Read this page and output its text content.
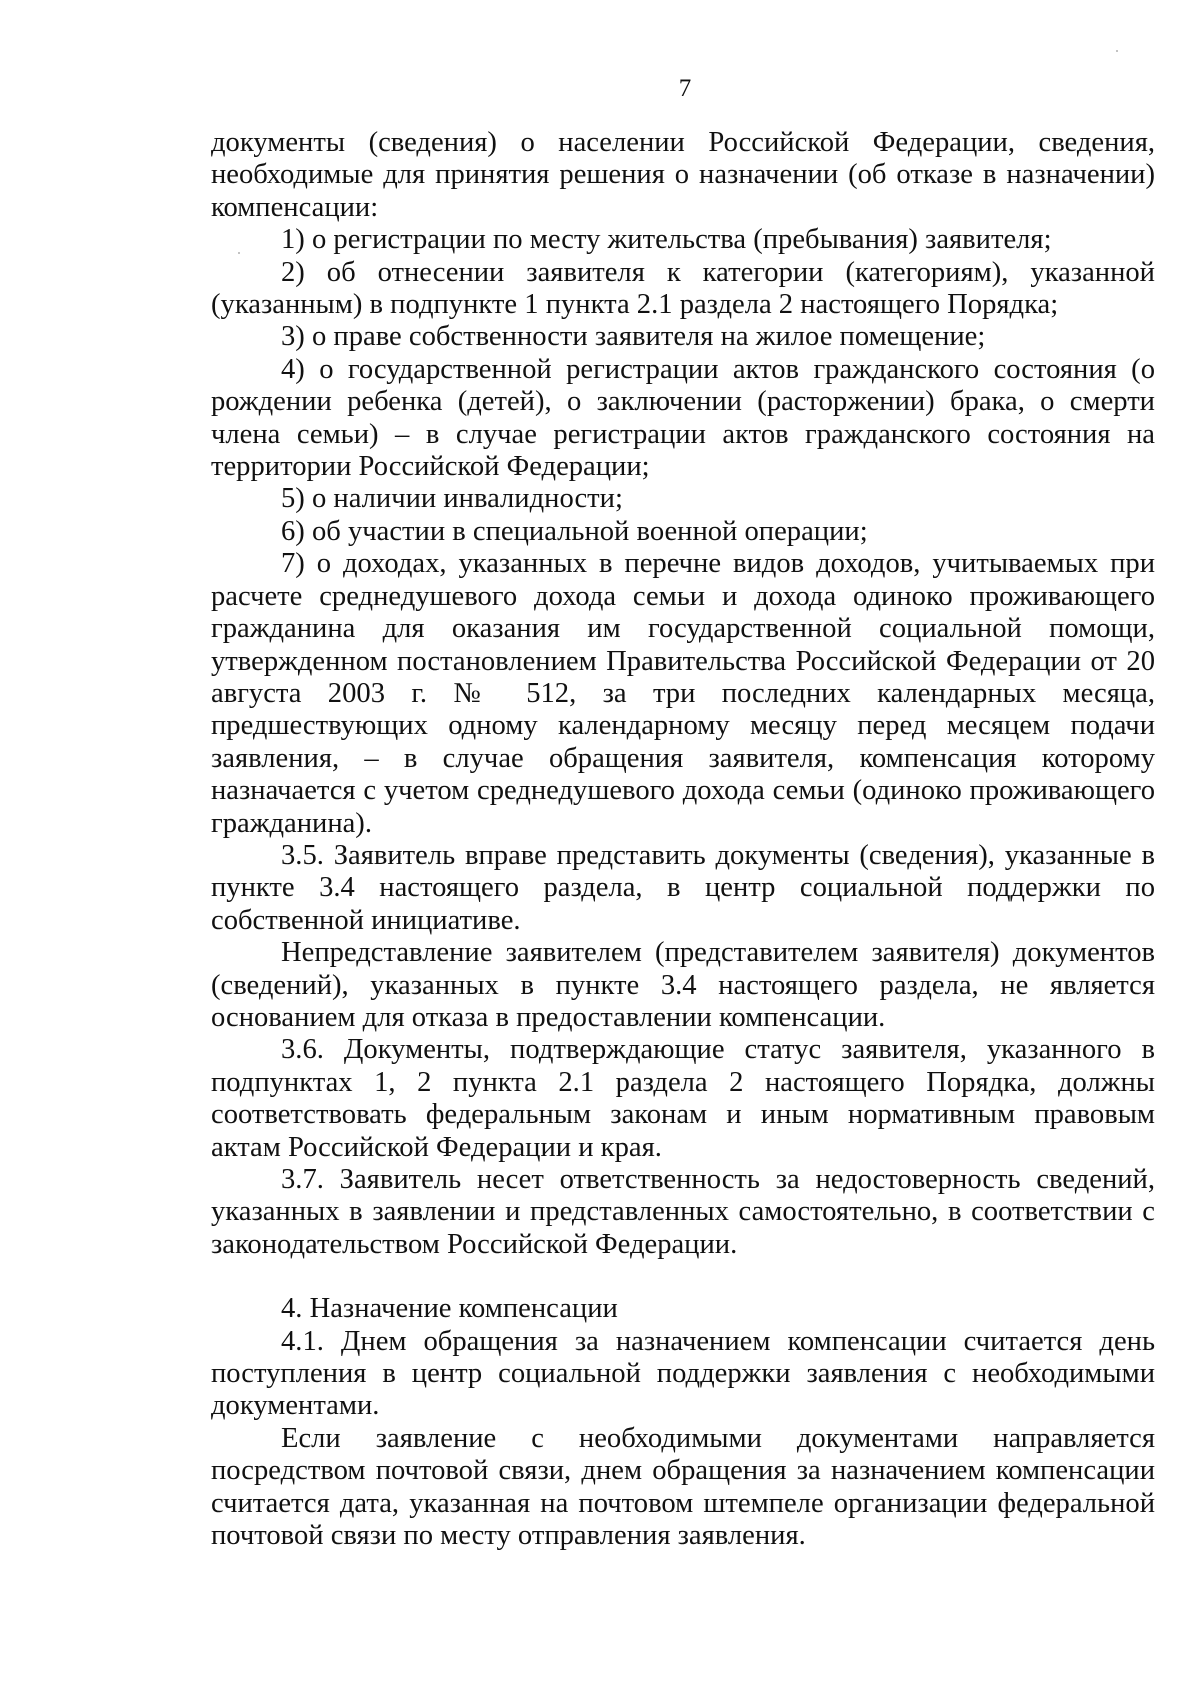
7

документы (сведения) о населении Российской Федерации, сведения, необходимые для принятия решения о назначении (об отказе в назначении) компенсации:

1) о регистрации по месту жительства (пребывания) заявителя;

2) об отнесении заявителя к категории (категориям), указанной (указанным) в подпункте 1 пункта 2.1 раздела 2 настоящего Порядка;

3) о праве собственности заявителя на жилое помещение;

4) о государственной регистрации актов гражданского состояния (о рождении ребенка (детей), о заключении (расторжении) брака, о смерти члена семьи) – в случае регистрации актов гражданского состояния на территории Российской Федерации;

5) о наличии инвалидности;

6) об участии в специальной военной операции;

7) о доходах, указанных в перечне видов доходов, учитываемых при расчете среднедушевого дохода семьи и дохода одиноко проживающего гражданина для оказания им государственной социальной помощи, утвержденном постановлением Правительства Российской Федерации от 20 августа 2003 г. № 512, за три последних календарных месяца, предшествующих одному календарному месяцу перед месяцем подачи заявления, – в случае обращения заявителя, компенсация которому назначается с учетом среднедушевого дохода семьи (одиноко проживающего гражданина).

3.5. Заявитель вправе представить документы (сведения), указанные в пункте 3.4 настоящего раздела, в центр социальной поддержки по собственной инициативе.

Непредставление заявителем (представителем заявителя) документов (сведений), указанных в пункте 3.4 настоящего раздела, не является основанием для отказа в предоставлении компенсации.

3.6. Документы, подтверждающие статус заявителя, указанного в подпунктах 1, 2 пункта 2.1 раздела 2 настоящего Порядка, должны соответствовать федеральным законам и иным нормативным правовым актам Российской Федерации и края.

3.7. Заявитель несет ответственность за недостоверность сведений, указанных в заявлении и представленных самостоятельно, в соответствии с законодательством Российской Федерации.

4. Назначение компенсации

4.1. Днем обращения за назначением компенсации считается день поступления в центр социальной поддержки заявления с необходимыми документами.

Если заявление с необходимыми документами направляется посредством почтовой связи, днем обращения за назначением компенсации считается дата, указанная на почтовом штемпеле организации федеральной почтовой связи по месту отправления заявления.
